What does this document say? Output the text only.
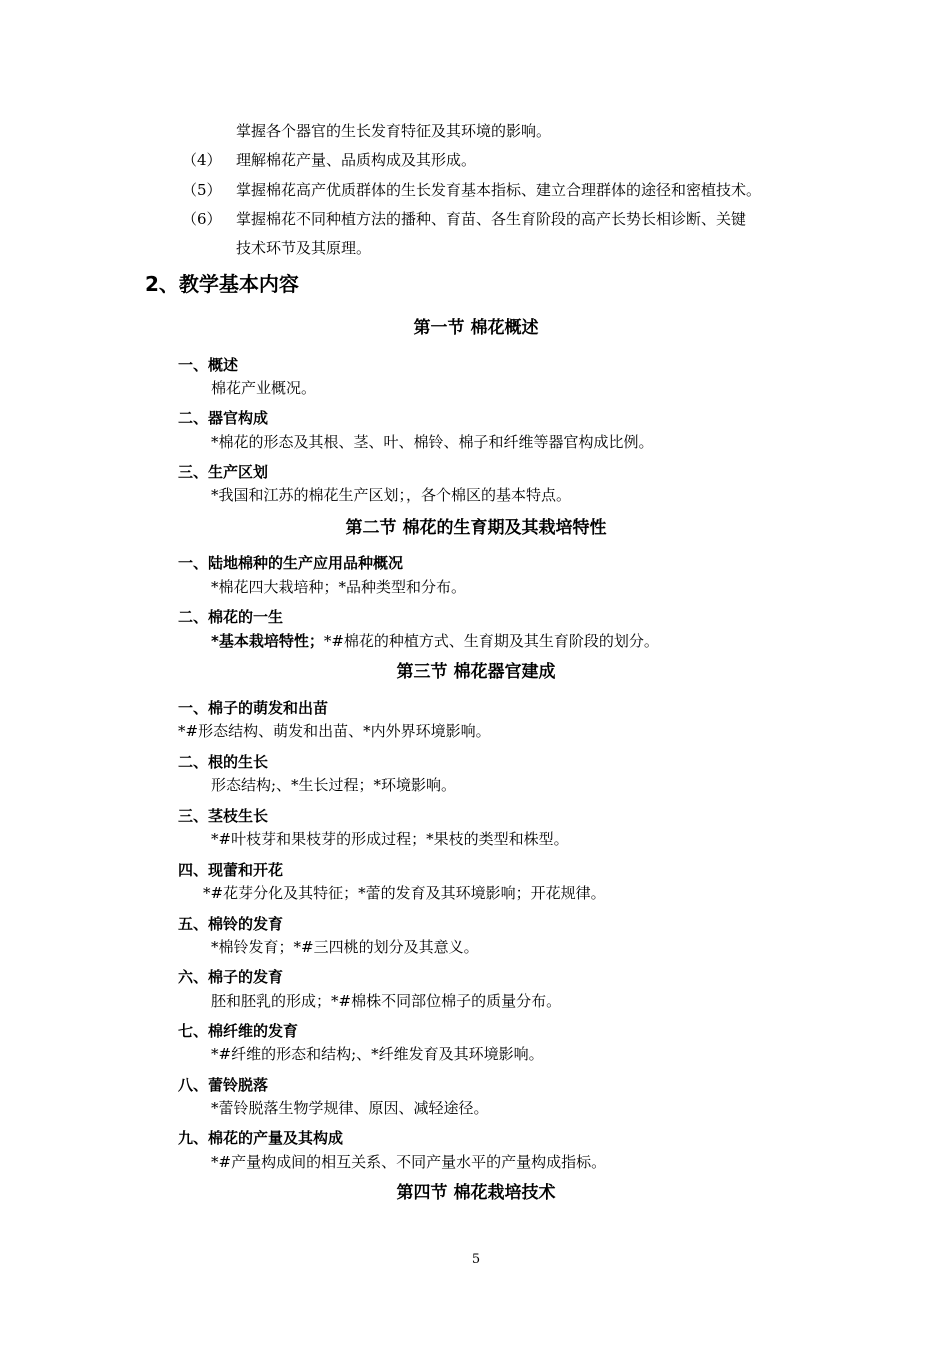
掌握各个器官的生长发育特征及其环境的影响。
（4） 理解棉花产量、品质构成及其形成。
（5） 掌握棉花高产优质群体的生长发育基本指标、建立合理群体的途径和密植技术。
（6） 掌握棉花不同种植方法的播种、育苗、各生育阶段的高产长势长相诊断、关键
技术环节及其原理。
2、教学基本内容
第一节 棉花概述
一、概述
棉花产业概况。
二、器官构成
*棉花的形态及其根、茎、叶、棉铃、棉子和纤维等器官构成比例。
三、生产区划
*我国和江苏的棉花生产区划；，各个棉区的基本特点。
第二节 棉花的生育期及其栽培特性
一、陆地棉种的生产应用品种概况
*棉花四大栽培种；*品种类型和分布。
二、棉花的一生
*基本栽培特性；*#棉花的种植方式、生育期及其生育阶段的划分。
第三节 棉花器官建成
一、棉子的萌发和出苗
*#形态结构、萌发和出苗、*内外界环境影响。
二、根的生长
形态结构;、*生长过程；*环境影响。
三、茎枝生长
*#叶枝芽和果枝芽的形成过程；*果枝的类型和株型。
四、现蕾和开花
*#花芽分化及其特征；*蕾的发育及其环境影响；开花规律。
五、棉铃的发育
*棉铃发育；*#三四桃的划分及其意义。
六、棉子的发育
胚和胚乳的形成；*#棉株不同部位棉子的质量分布。
七、棉纤维的发育
*#纤维的形态和结构;、*纤维发育及其环境影响。
八、蕾铃脱落
*蕾铃脱落生物学规律、原因、减轻途径。
九、棉花的产量及其构成
*#产量构成间的相互关系、不同产量水平的产量构成指标。
第四节 棉花栽培技术
5
